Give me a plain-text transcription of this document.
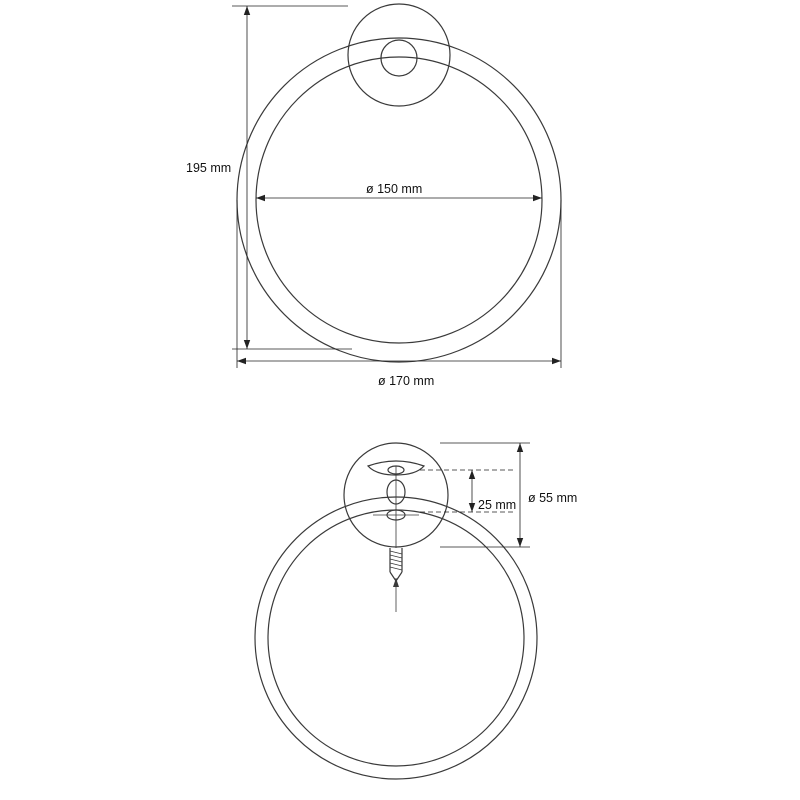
195 mm
ø 150 mm
ø 170 mm
25 mm ø 55 mm
